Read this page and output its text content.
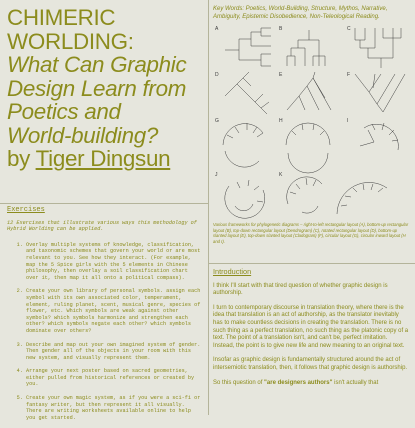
CHIMERIC
WORLDING:
What Can Graphic
Design Learn from
Poetics and
World-building?
by Tiger Dingsun
Exercises
12 Exercises that illustrate various ways this methodology of Hybrid Worlding can be applied.
1. Overlay multiple systems of knowledge, classification, and taxonomic schemes that govern your world or are most relevant to you. See how they interact. (For example, map the 5 Spice girls with the 5 elements in Chinese philosophy, then overlay a soil classification chart over it, then map it all onto a political compass).
2. Create your own library of personal symbols. assign each symbol with its own associated color, temperament, element, ruling planet, scent, musical genre, species of flower, etc. Which symbols are weak against other symbols? which symbols harmonize and strengthen each other? which symbols negate each other? which symbols dominate over others?
3. Describe and map out your own imagined system of gender. Then gender all of the objects in your room with this new system, and visually represent them.
4. Arrange your next poster based on sacred geometries, either pulled from historical references or created by you.
5. Create your own magic system, as if you were a sci-fi or fantasy writer, but then represent it all visually. There are writing worksheets available online to help you get started.
Key Words: Poetics, World-Building, Structure, Mythos, Narrative, Ambiguity, Epistemic Disobedience, Non-Teleological Reading.
A	B	C
D	E	F
G	H	I
J	K
Various frameworks for phylogenetic diagrams – right-to-left rectangular layout (A), bottom-up rectangular layout (B), top-down rectangular layout (Dendrogram) (C), rotated rectangular layout (D), bottom-up slanted layout (E), top-down slanted layout (Cladogram) (F), circular layout (G), circular inward layout (H and I).
Introduction

I think I'll start with that tired question of whether graphic design is authorship.

I turn to contemporary discourse in translation theory, where there is the idea that translation is an act of authorship, as the translator inevitably has to make countless decisions in creating the translation. There is no such thing as a perfect translation, no such thing as the platonic copy of a text. The point of a translation isn't, and can't be, perfect imitation. Instead, the point is to give new life and new meaning to an original text.

Insofar as graphic design is fundamentally structured around the act of intersemiotic translation, then, it follows that graphic design is authorship.

So this question of "are designers authors" isn't actually that
